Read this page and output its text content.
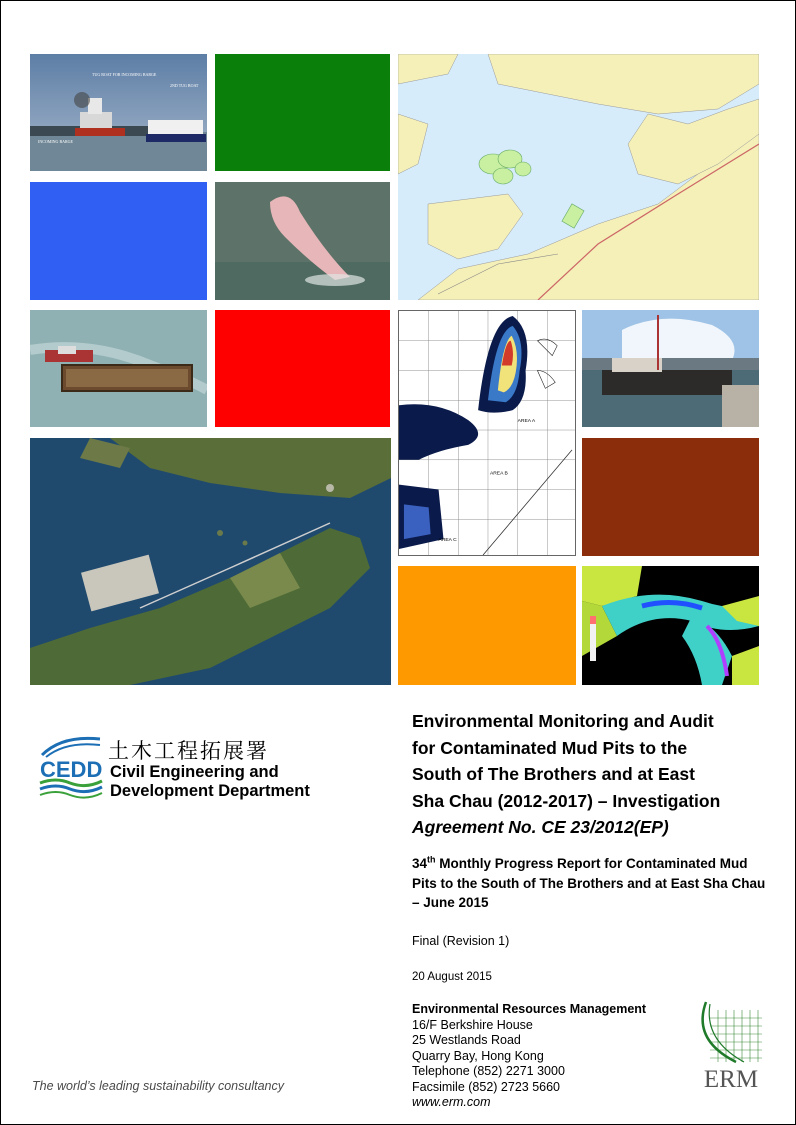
TUG BOAT FOR INCOMING BARGE
2ND TUG BOAT
INCOMING BARGE
AREA A
AREA B
AREA C
土木工程拓展署
CEDD Civil Engineering and
Development Department

Environmental Monitoring and Audit

for Contaminated Mud Pits to the

South of The Brothers and at East

Sha Chau (2012-2017) – Investigation

Agreement No. CE 23/2012(EP)

34th Monthly Progress Report for Contaminated Mud Pits to the South of The Brothers and at East Sha Chau – June 2015

Final (Revision 1)
20 August 2015
Environmental Resources Management
16/F Berkshire House
25 Westlands Road
Quarry Bay, Hong Kong
Telephone (852) 2271 3000
Facsimile (852) 2723 5660
www.erm.com
ERM
The world’s leading sustainability consultancy
